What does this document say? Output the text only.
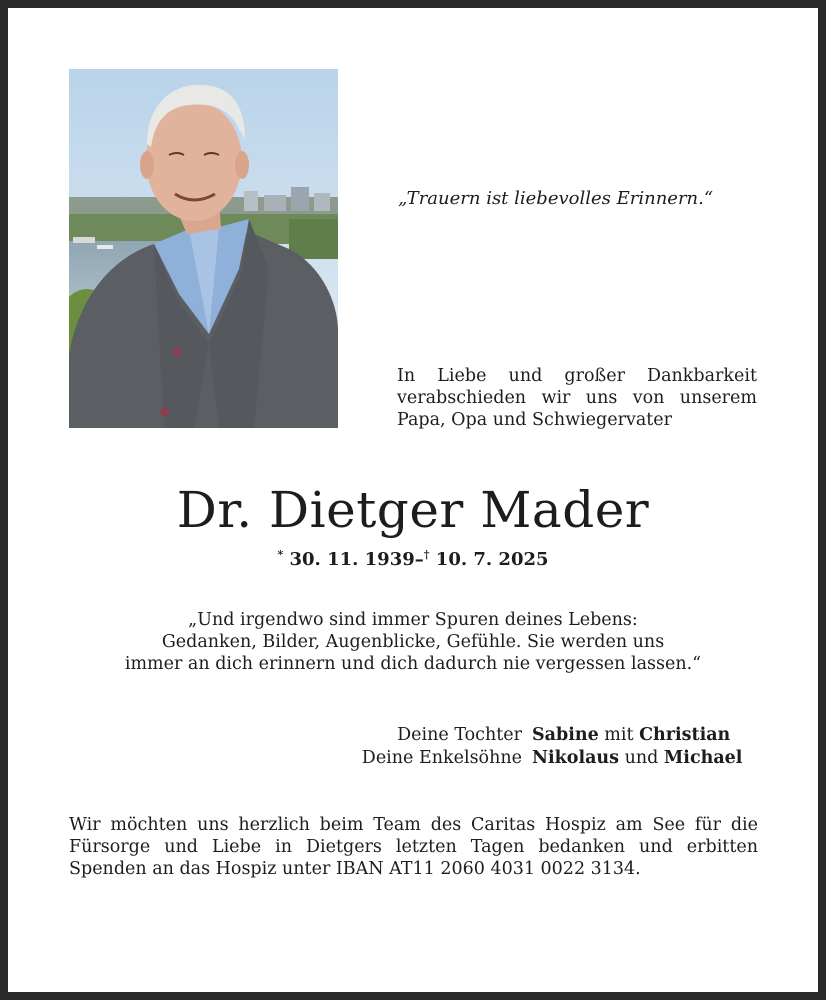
„Trauern ist liebevolles Erinnern.“
In Liebe und großer Dankbarkeit
verabschieden wir uns von unserem
Papa, Opa und Schwiegervater
Dr. Dietger Mader
* 30. 11. 1939–† 10. 7. 2025
„Und irgendwo sind immer Spuren deines Lebens:
Gedanken, Bilder, Augenblicke, Gefühle. Sie werden uns
immer an dich erinnern und dich dadurch nie vergessen lassen.“
Deine Tochter Sabine mit Christian
Deine Enkelsöhne Nikolaus und Michael
Wir möchten uns herzlich beim Team des Caritas Hospiz am See für die
Fürsorge und Liebe in Dietgers letzten Tagen bedanken und erbitten
Spenden an das Hospiz unter IBAN AT11 2060 4031 0022 3134.
